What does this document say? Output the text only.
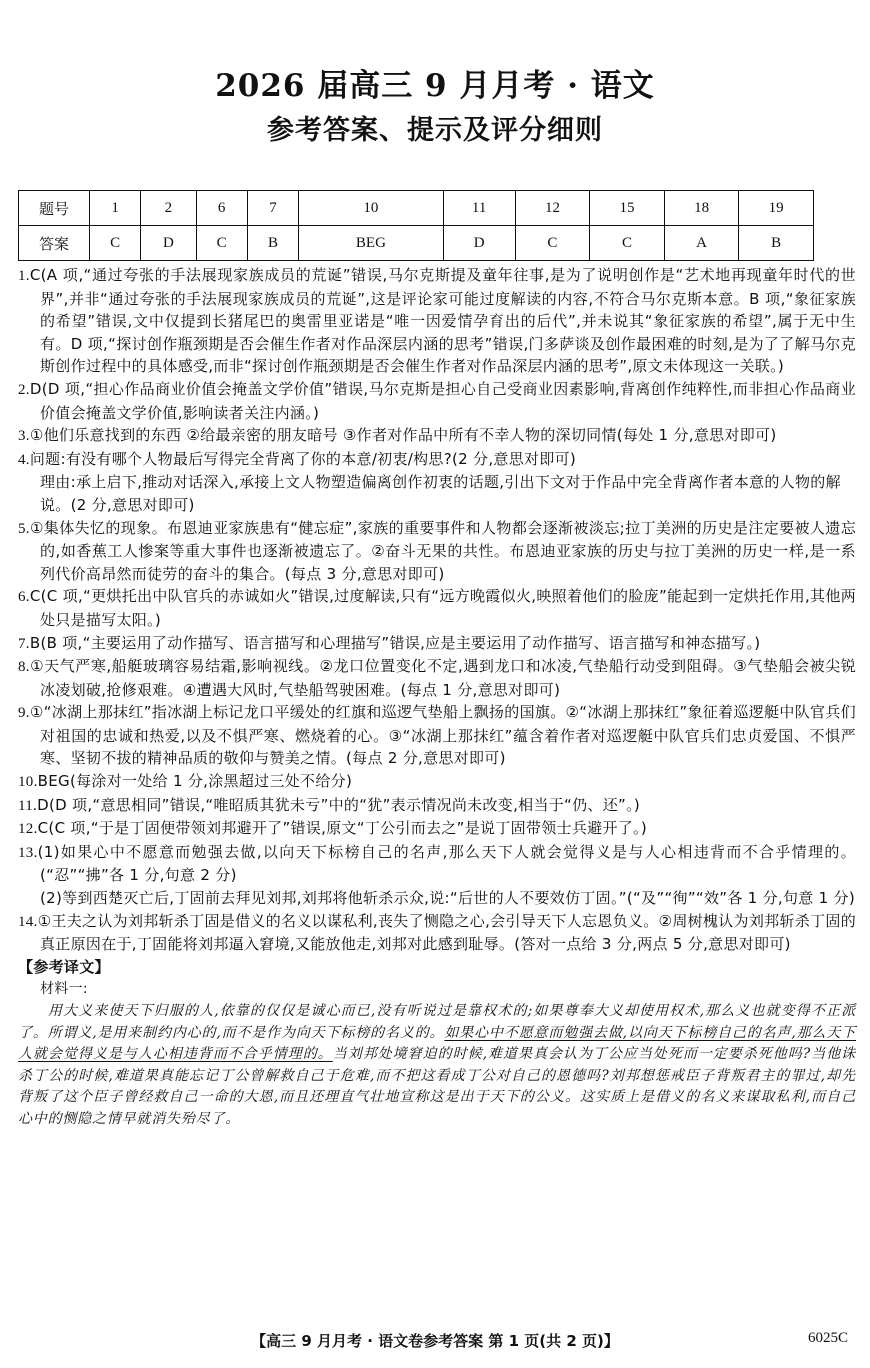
2026 届高三 9 月月考 · 语文
参考答案、提示及评分细则
题号	1	2	6	7	10	11	12	15	18	19
答案	C	D	C	B	BEG	D	C	C	A	B

1.C(A 项,“通过夸张的手法展现家族成员的荒诞”错误,马尔克斯提及童年往事,是为了说明创作是“艺术地再现童年时代的世界”,并非“通过夸张的手法展现家族成员的荒诞”,这是评论家可能过度解读的内容,不符合马尔克斯本意。B 项,“象征家族的希望”错误,文中仅提到长猪尾巴的奥雷里亚诺是“唯一因爱情孕育出的后代”,并未说其“象征家族的希望”,属于无中生有。D 项,“探讨创作瓶颈期是否会催生作者对作品深层内涵的思考”错误,门多萨谈及创作最困难的时刻,是为了了解马尔克斯创作过程中的具体感受,而非“探讨创作瓶颈期是否会催生作者对作品深层内涵的思考”,原文未体现这一关联。)

2.D(D 项,“担心作品商业价值会掩盖文学价值”错误,马尔克斯是担心自己受商业因素影响,背离创作纯粹性,而非担心作品商业价值会掩盖文学价值,影响读者关注内涵。)

3.①他们乐意找到的东西 ②给最亲密的朋友暗号 ③作者对作品中所有不幸人物的深切同情(每处 1 分,意思对即可)

4.问题:有没有哪个人物最后写得完全背离了你的本意/初衷/构思?(2 分,意思对即可)

理由:承上启下,推动对话深入,承接上文人物塑造偏离创作初衷的话题,引出下文对于作品中完全背离作者本意的人物的解说。(2 分,意思对即可)

5.①集体失忆的现象。布恩迪亚家族患有“健忘症”,家族的重要事件和人物都会逐渐被淡忘;拉丁美洲的历史是注定要被人遗忘的,如香蕉工人惨案等重大事件也逐渐被遗忘了。②奋斗无果的共性。布恩迪亚家族的历史与拉丁美洲的历史一样,是一系列代价高昂然而徒劳的奋斗的集合。(每点 3 分,意思对即可)

6.C(C 项,“更烘托出中队官兵的赤诚如火”错误,过度解读,只有“远方晚霞似火,映照着他们的脸庞”能起到一定烘托作用,其他两处只是描写太阳。)

7.B(B 项,“主要运用了动作描写、语言描写和心理描写”错误,应是主要运用了动作描写、语言描写和神态描写。)

8.①天气严寒,船艇玻璃容易结霜,影响视线。②龙口位置变化不定,遇到龙口和冰凌,气垫船行动受到阻碍。③气垫船会被尖锐冰凌划破,抢修艰难。④遭遇大风时,气垫船驾驶困难。(每点 1 分,意思对即可)

9.①“冰湖上那抹红”指冰湖上标记龙口平缓处的红旗和巡逻气垫船上飘扬的国旗。②“冰湖上那抹红”象征着巡逻艇中队官兵们对祖国的忠诚和热爱,以及不惧严寒、燃烧着的心。③“冰湖上那抹红”蕴含着作者对巡逻艇中队官兵们忠贞爱国、不惧严寒、坚韧不拔的精神品质的敬仰与赞美之情。(每点 2 分,意思对即可)

10.BEG(每涂对一处给 1 分,涂黑超过三处不给分)

11.D(D 项,“意思相同”错误,“唯昭质其犹未亏”中的“犹”表示情况尚未改变,相当于“仍、还”。)

12.C(C 项,“于是丁固便带领刘邦避开了”错误,原文“丁公引而去之”是说丁固带领士兵避开了。)

13.(1)如果心中不愿意而勉强去做,以向天下标榜自己的名声,那么天下人就会觉得义是与人心相违背而不合乎情理的。(“忍”“拂”各 1 分,句意 2 分)

(2)等到西楚灭亡后,丁固前去拜见刘邦,刘邦将他斩杀示众,说:“后世的人不要效仿丁固。”(“及”“徇”“效”各 1 分,句意 1 分)

14.①王夫之认为刘邦斩杀丁固是借义的名义以谋私利,丧失了恻隐之心,会引导天下人忘恩负义。②周树槐认为刘邦斩杀丁固的真正原因在于,丁固能将刘邦逼入窘境,又能放他走,刘邦对此感到耻辱。(答对一点给 3 分,两点 5 分,意思对即可)

【参考译文】

材料一:

用大义来使天下归服的人,依靠的仅仅是诚心而已,没有听说过是靠权术的;如果尊奉大义却使用权术,那么义也就变得不正派了。所谓义,是用来制约内心的,而不是作为向天下标榜的名义的。如果心中不愿意而勉强去做,以向天下标榜自己的名声,那么天下人就会觉得义是与人心相违背而不合乎情理的。当刘邦处境窘迫的时候,难道果真会认为丁公应当处死而一定要杀死他吗?当他诛杀丁公的时候,难道果真能忘记丁公曾解救自己于危难,而不把这看成丁公对自己的恩德吗?刘邦想惩戒臣子背叛君主的罪过,却先背叛了这个臣子曾经救自己一命的大恩,而且还理直气壮地宣称这是出于天下的公义。这实质上是借义的名义来谋取私利,而自己心中的恻隐之情早就消失殆尽了。

【高三 9 月月考 · 语文卷参考答案 第 1 页(共 2 页)】	6025C
